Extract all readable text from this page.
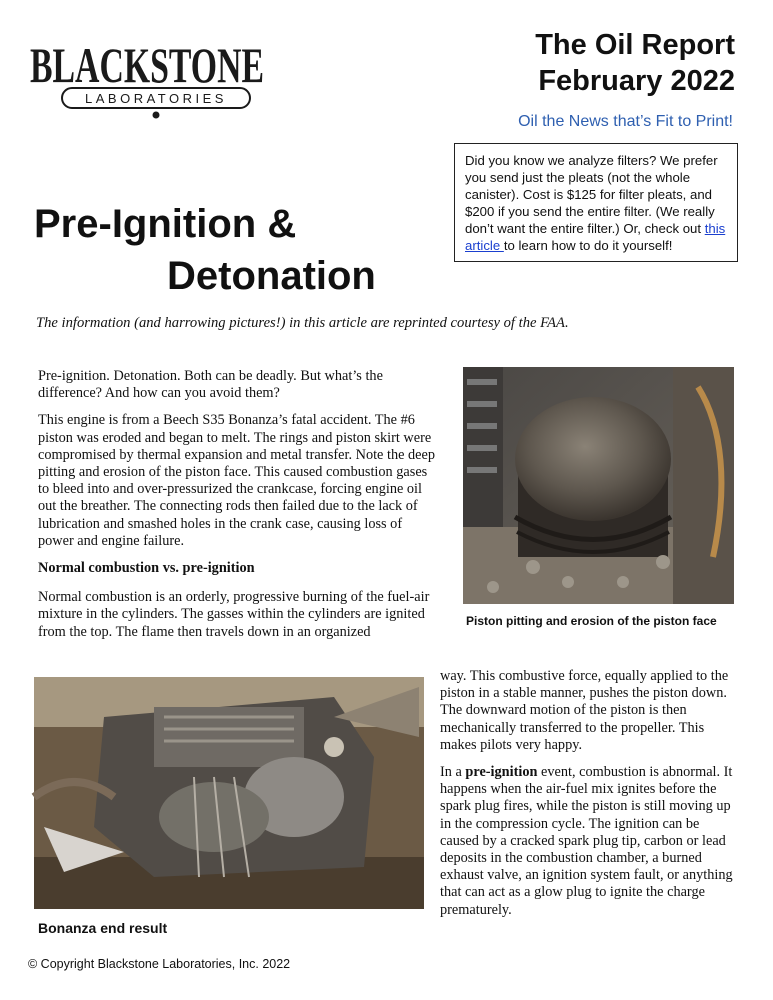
BLACKSTONE
LABORATORIES
The Oil Report
February 2022
Oil the News that’s Fit to Print!
Did you know we analyze filters? We prefer you send just the pleats (not the whole canister). Cost is $125 for filter pleats, and $200 if you send the entire filter. (We really don’t want the entire filter.) Or, check out this article to learn how to do it yourself!
Pre-Ignition &
Detonation
The information (and harrowing pictures!) in this article are reprinted courtesy of the FAA.

Pre-ignition. Detonation. Both can be deadly. But what’s the difference? And how can you avoid them?

This engine is from a Beech S35 Bonanza’s fatal accident. The #6 piston was eroded and began to melt. The rings and piston skirt were compromised by thermal expansion and metal transfer. Note the deep pitting and erosion of the piston face. This caused combustion gases to bleed into and over-pressurized the crankcase, forcing engine oil out the breather. The connecting rods then failed due to the lack of lubrication and smashed holes in the crank case, causing loss of power and engine failure.

Normal combustion vs. pre-ignition

Normal combustion is an orderly, progressive burning of the fuel-air mixture in the cylinders. The gasses within the cylinders are ignited from the top. The flame then travels down in an organized

Piston pitting and erosion of the piston face
Bonanza end result

way. This combustive force, equally applied to the piston in a stable manner, pushes the piston down. The downward motion of the piston is then mechanically transferred to the propeller. This makes pilots very happy.

In a pre-ignition event, combustion is abnormal. It happens when the air-fuel mix ignites before the spark plug fires, while the piston is still moving up in the compression cycle. The ignition can be caused by a cracked spark plug tip, carbon or lead deposits in the combustion chamber, a burned exhaust valve, an ignition system fault, or anything that can act as a glow plug to ignite the charge prematurely.

© Copyright Blackstone Laboratories, Inc. 2022
